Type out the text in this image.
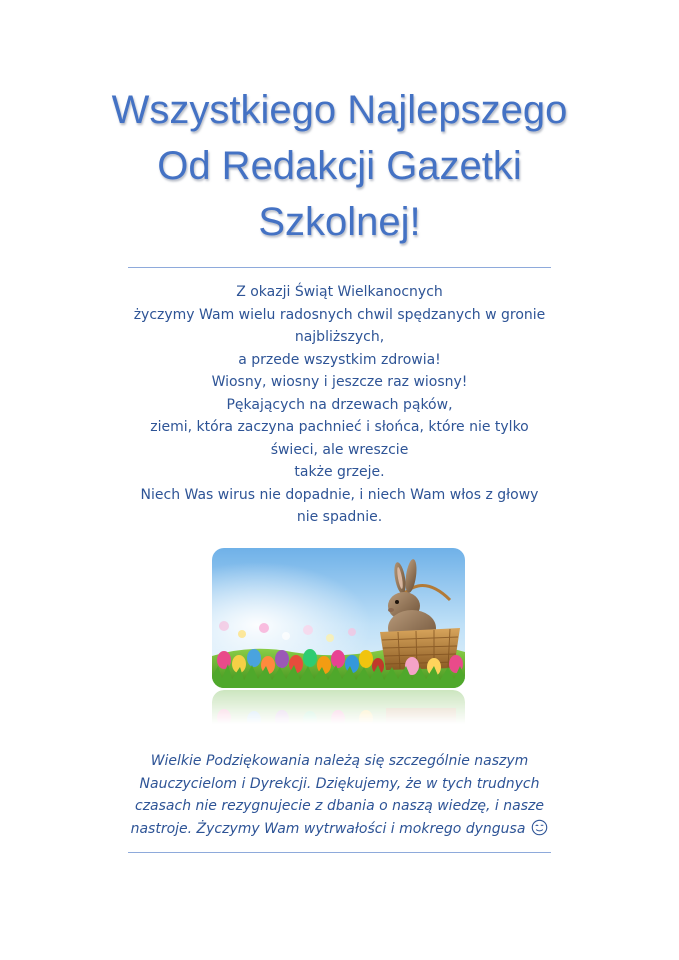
Wszystkiego Najlepszego
Od Redakcji Gazetki
Szkolnej!
Z okazji Świąt Wielkanocnych
życzymy Wam wielu radosnych chwil spędzanych w gronie
najbliższych,
a przede wszystkim zdrowia!
Wiosny, wiosny i jeszcze raz wiosny!
Pękających na drzewach pąków,
ziemi, która zaczyna pachnieć i słońca, które nie tylko
świeci, ale wreszcie
także grzeje.
Niech Was wirus nie dopadnie, i niech Wam włos z głowy
nie spadnie.
Wielkie Podziękowania należą się szczególnie naszym
Nauczycielom i Dyrekcji. Dziękujemy, że w tych trudnych
czasach nie rezygnujecie z dbania o naszą wiedzę, i nasze
nastroje. Życzymy Wam wytrwałości i mokrego dyngusa
